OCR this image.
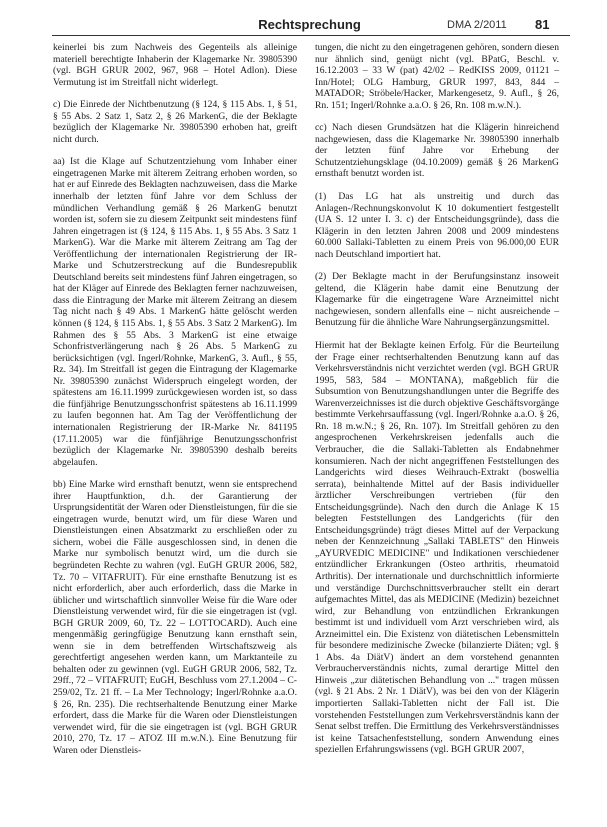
Rechtsprechung	DMA 2/2011 81

keinerlei bis zum Nachweis des Gegenteils als alleinige materiell berechtigte Inhaberin der Klagemarke Nr. 39805390 (vgl. BGH GRUR 2002, 967, 968 – Hotel Adlon). Diese Vermutung ist im Streitfall nicht widerlegt.

c) Die Einrede der Nichtbenutzung (§ 124, § 115 Abs. 1, § 51, § 55 Abs. 2 Satz 1, Satz 2, § 26 MarkenG, die der Beklagte bezüglich der Klagemarke Nr. 39805390 erhoben hat, greift nicht durch.

aa) Ist die Klage auf Schutzentziehung vom Inhaber einer eingetragenen Marke mit älterem Zeitrang erhoben worden, so hat er auf Einrede des Beklagten nachzuweisen, dass die Marke innerhalb der letzten fünf Jahre vor dem Schluss der mündlichen Verhandlung gemäß § 26 MarkenG benutzt worden ist, sofern sie zu diesem Zeitpunkt seit mindestens fünf Jahren eingetragen ist (§ 124, § 115 Abs. 1, § 55 Abs. 3 Satz 1 MarkenG). War die Marke mit älterem Zeitrang am Tag der Veröffentlichung der internationalen Registrierung der IR-Marke und Schutzerstreckung auf die Bundesrepublik Deutschland bereits seit mindestens fünf Jahren eingetragen, so hat der Kläger auf Einrede des Beklagten ferner nachzuweisen, dass die Eintragung der Marke mit älterem Zeitrang an diesem Tag nicht nach § 49 Abs. 1 MarkenG hätte gelöscht werden können (§ 124, § 115 Abs. 1, § 55 Abs. 3 Satz 2 MarkenG). Im Rahmen des § 55 Abs. 3 MarkenG ist eine etwaige Schonfristverlängerung nach § 26 Abs. 5 MarkenG zu berücksichtigen (vgl. Ingerl/Rohnke, MarkenG, 3. Aufl., § 55, Rz. 34). Im Streitfall ist gegen die Eintragung der Klagemarke Nr. 39805390 zunächst Widerspruch eingelegt worden, der spätestens am 16.11.1999 zurückgewiesen worden ist, so dass die fünfjährige Benutzungsschonfrist spätestens ab 16.11.1999 zu laufen begonnen hat. Am Tag der Veröffentlichung der internationalen Registrierung der IR-Marke Nr. 841195 (17.11.2005) war die fünfjährige Benutzungsschonfrist bezüglich der Klagemarke Nr. 39805390 deshalb bereits abgelaufen.

bb) Eine Marke wird ernsthaft benutzt, wenn sie entsprechend ihrer Hauptfunktion, d.h. der Garantierung der Ursprungsidentität der Waren oder Dienstleistungen, für die sie eingetragen wurde, benutzt wird, um für diese Waren und Dienstleistungen einen Absatzmarkt zu erschließen oder zu sichern, wobei die Fälle ausgeschlossen sind, in denen die Marke nur symbolisch benutzt wird, um die durch sie begründeten Rechte zu wahren (vgl. EuGH GRUR 2006, 582, Tz. 70 – VITAFRUIT). Für eine ernsthafte Benutzung ist es nicht erforderlich, aber auch erforderlich, dass die Marke in üblicher und wirtschaftlich sinnvoller Weise für die Ware oder Dienstleistung verwendet wird, für die sie eingetragen ist (vgl. BGH GRUR 2009, 60, Tz. 22 – LOTTOCARD). Auch eine mengenmäßig geringfügige Benutzung kann ernsthaft sein, wenn sie in dem betreffenden Wirtschaftszweig als gerechtfertigt angesehen werden kann, um Marktanteile zu behalten oder zu gewinnen (vgl. EuGH GRUR 2006, 582, Tz. 29ff., 72 – VITAFRUIT; EuGH, Beschluss vom 27.1.2004 – C-259/02, Tz. 21 ff. – La Mer Technology; Ingerl/Rohnke a.a.O. § 26, Rn. 235). Die rechtserhaltende Benutzung einer Marke erfordert, dass die Marke für die Waren oder Dienstleistungen verwendet wird, für die sie eingetragen ist (vgl. BGH GRUR 2010, 270, Tz. 17 – ATOZ III m.w.N.). Eine Benutzung für Waren oder Dienstleis-

tungen, die nicht zu den eingetragenen gehören, sondern diesen nur ähnlich sind, genügt nicht (vgl. BPatG, Beschl. v. 16.12.2003 – 33 W (pat) 42/02 – RedKISS 2009, 01121 – Inn/Hotel; OLG Hamburg, GRUR 1997, 843, 844 – MATADOR; Ströbele/Hacker, Markengesetz, 9. Aufl., § 26, Rn. 151; Ingerl/Rohnke a.a.O. § 26, Rn. 108 m.w.N.).

cc) Nach diesen Grundsätzen hat die Klägerin hinreichend nachgewiesen, dass die Klagemarke Nr. 39805390 innerhalb der letzten fünf Jahre vor Erhebung der Schutzentziehungsklage (04.10.2009) gemäß § 26 MarkenG ernsthaft benutzt worden ist.

(1) Das LG hat als unstreitig und durch das Anlagen-/Rechnungskonvolut K 10 dokumentiert festgestellt (UA S. 12 unter I. 3. c) der Entscheidungsgründe), dass die Klägerin in den letzten Jahren 2008 und 2009 mindestens 60.000 Sallaki-Tabletten zu einem Preis von 96.000,00 EUR nach Deutschland importiert hat.

(2) Der Beklagte macht in der Berufungsinstanz insoweit geltend, die Klägerin habe damit eine Benutzung der Klagemarke für die eingetragene Ware Arzneimittel nicht nachgewiesen, sondern allenfalls eine – nicht ausreichende – Benutzung für die ähnliche Ware Nahrungsergänzungsmittel.

Hiermit hat der Beklagte keinen Erfolg. Für die Beurteilung der Frage einer rechtserhaltenden Benutzung kann auf das Verkehrsverständnis nicht verzichtet werden (vgl. BGH GRUR 1995, 583, 584 – MONTANA), maßgeblich für die Subsumtion von Benutzungshandlungen unter die Begriffe des Warenverzeichnisses ist die durch objektive Geschäftsvorgänge bestimmte Verkehrsauffassung (vgl. Ingerl/Rohnke a.a.O. § 26, Rn. 18 m.w.N.; § 26, Rn. 107). Im Streitfall gehören zu den angesprochenen Verkehrskreisen jedenfalls auch die Verbraucher, die die Sallaki-Tabletten als Endabnehmer konsumieren. Nach der nicht angegriffenen Feststellungen des Landgerichts wird dieses Weihrauch-Extrakt (boswellia serrata), beinhaltende Mittel auf der Basis individueller ärztlicher Verschreibungen vertrieben (für den Entscheidungsgründe). Nach den durch die Anlage K 15 belegten Feststellungen des Landgerichts (für den Entscheidungsgründe) trägt dieses Mittel auf der Verpackung neben der Kennzeichnung „Sallaki TABLETS" den Hinweis „AYURVEDIC MEDICINE" und Indikationen verschiedener entzündlicher Erkrankungen (Osteo arthritis, rheumatoid Arthritis). Der internationale und durchschnittlich informierte und verständige Durchschnittsverbraucher stellt ein derart aufgemachtes Mittel, das als MEDICINE (Medizin) bezeichnet wird, zur Behandlung von entzündlichen Erkrankungen bestimmt ist und individuell vom Arzt verschrieben wird, als Arzneimittel ein. Die Existenz von diätetischen Lebensmitteln für besondere medizinische Zwecke (bilanzierte Diäten; vgl. § 1 Abs. 4a DiätV) ändert an dem vorstehend genannten Verbraucherverständnis nichts, zumal derartige Mittel den Hinweis „zur diätetischen Behandlung von ..." tragen müssen (vgl. § 21 Abs. 2 Nr. 1 DiätV), was bei den von der Klägerin importierten Sallaki-Tabletten nicht der Fall ist. Die vorstehenden Feststellungen zum Verkehrsverständnis kann der Senat selbst treffen. Die Ermittlung des Verkehrsverständnisses ist keine Tatsachenfeststellung, sondern Anwendung eines speziellen Erfahrungswissens (vgl. BGH GRUR 2007,
